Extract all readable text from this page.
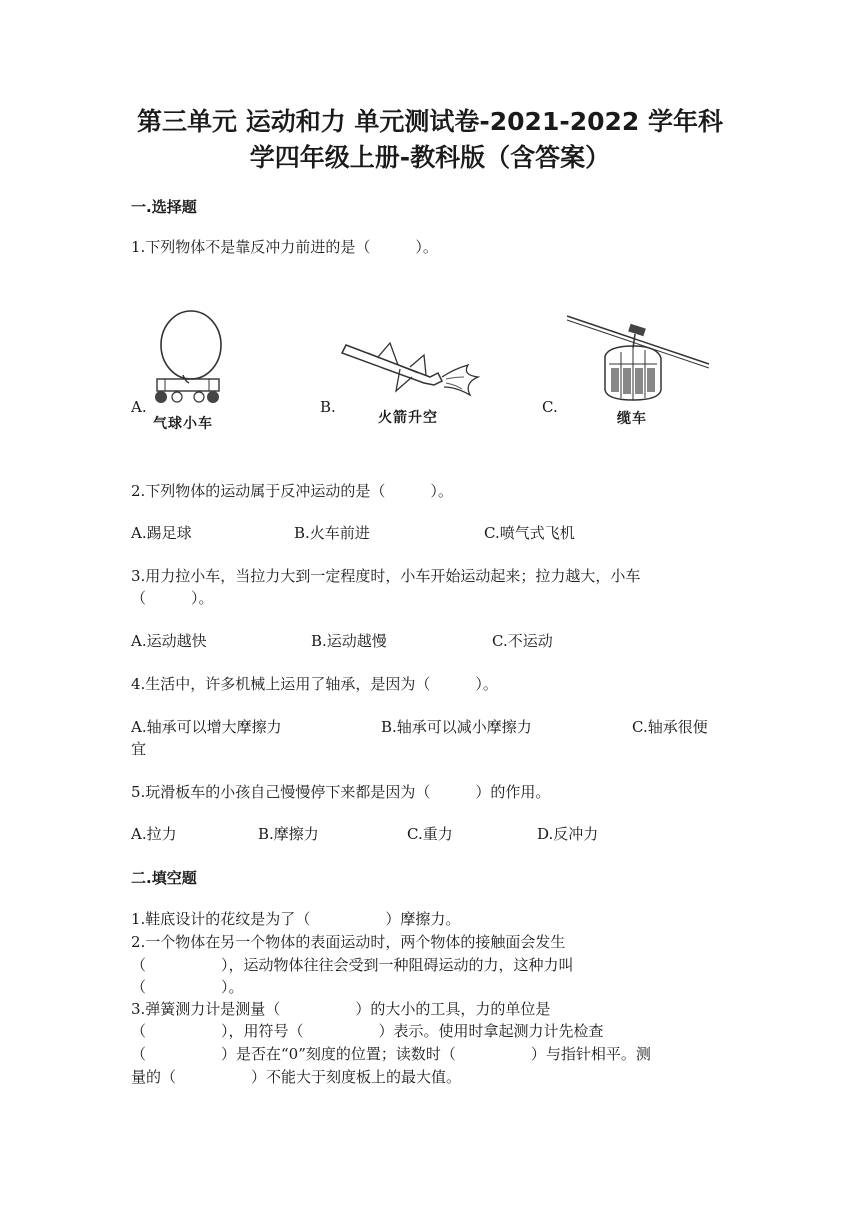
第三单元 运动和力 单元测试卷-2021-2022 学年科
学四年级上册-教科版（含答案）
一.选择题
1.下列物体不是靠反冲力前进的是（　　　）。
A.
气球小车
B.
火箭升空
C.
缆车
2.下列物体的运动属于反冲运动的是（　　　）。
A.踢足球	B.火车前进	C.喷气式飞机
3.用力拉小车，当拉力大到一定程度时，小车开始运动起来；拉力越大，小车
（　　　）。
A.运动越快	B.运动越慢	C.不运动
4.生活中，许多机械上运用了轴承，是因为（　　　）。
A.轴承可以增大摩擦力	B.轴承可以减小摩擦力	C.轴承很便
宜
5.玩滑板车的小孩自己慢慢停下来都是因为（　　　）的作用。
A.拉力	B.摩擦力	C.重力	D.反冲力
二.填空题
1.鞋底设计的花纹是为了（　　　　　）摩擦力。
2.一个物体在另一个物体的表面运动时，两个物体的接触面会发生
（　　　　　），运动物体往往会受到一种阻碍运动的力，这种力叫
（　　　　　）。
3.弹簧测力计是测量（　　　　　）的大小的工具，力的单位是
（　　　　　），用符号（　　　　　）表示。使用时拿起测力计先检查
（　　　　　）是否在“0”刻度的位置；读数时（　　　　　）与指针相平。测
量的（　　　　　）不能大于刻度板上的最大值。
